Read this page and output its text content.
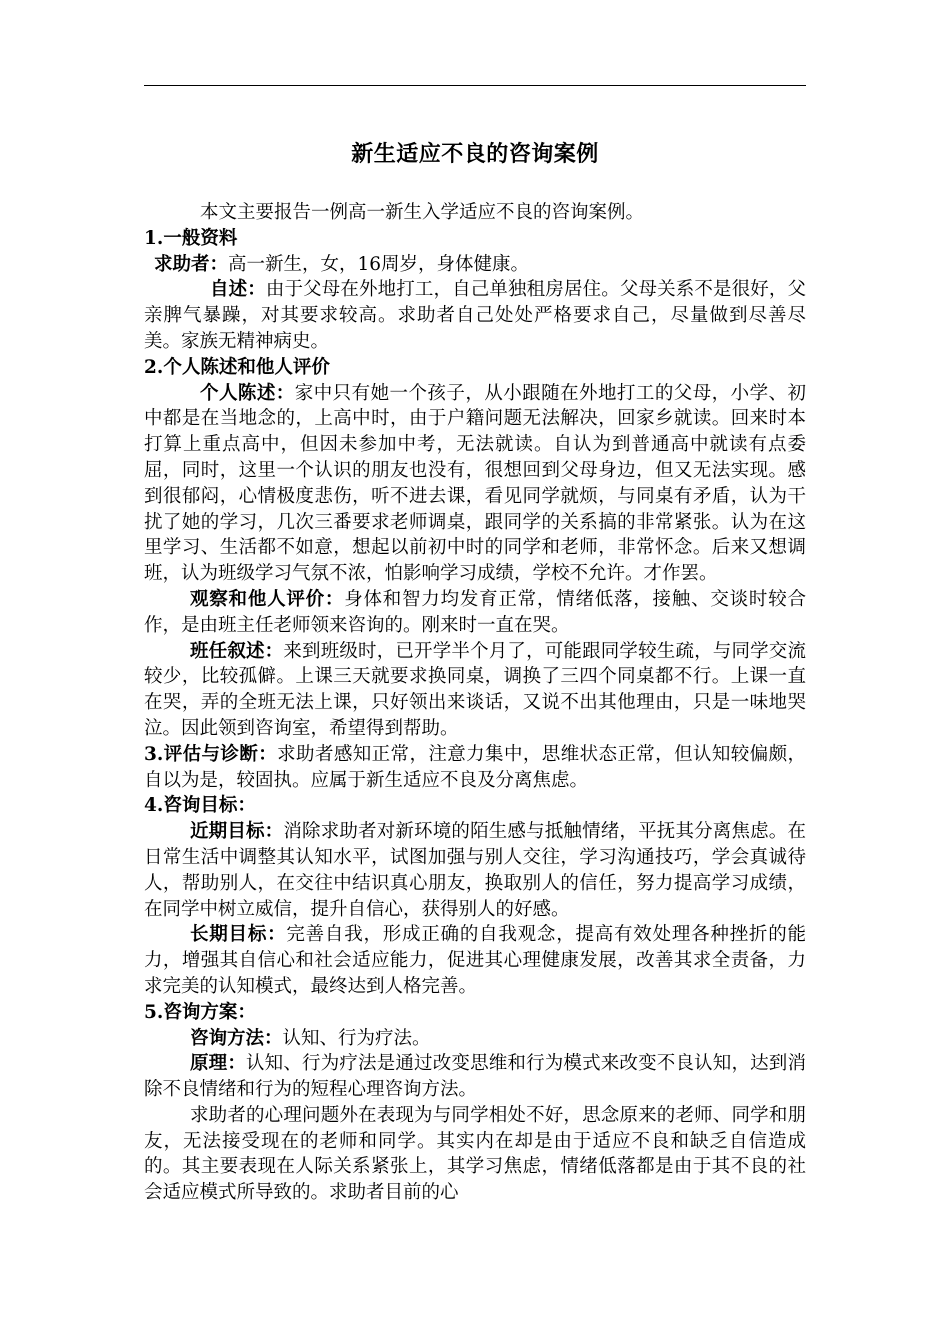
新生适应不良的咨询案例

本文主要报告一例高一新生入学适应不良的咨询案例。

1.一般资料

求助者：高一新生，女，16周岁，身体健康。

自述：由于父母在外地打工，自己单独租房居住。父母关系不是很好，父亲脾气暴躁，对其要求较高。求助者自己处处严格要求自己，尽量做到尽善尽美。家族无精神病史。

2.个人陈述和他人评价

个人陈述：家中只有她一个孩子，从小跟随在外地打工的父母，小学、初中都是在当地念的，上高中时，由于户籍问题无法解决，回家乡就读。回来时本打算上重点高中，但因未参加中考，无法就读。自认为到普通高中就读有点委屈，同时，这里一个认识的朋友也没有，很想回到父母身边，但又无法实现。感到很郁闷，心情极度悲伤，听不进去课，看见同学就烦，与同桌有矛盾，认为干扰了她的学习，几次三番要求老师调桌，跟同学的关系搞的非常紧张。认为在这里学习、生活都不如意，想起以前初中时的同学和老师，非常怀念。后来又想调班，认为班级学习气氛不浓，怕影响学习成绩，学校不允许。才作罢。

观察和他人评价：身体和智力均发育正常，情绪低落，接触、交谈时较合作，是由班主任老师领来咨询的。刚来时一直在哭。

班任叙述：来到班级时，已开学半个月了，可能跟同学较生疏，与同学交流较少，比较孤僻。上课三天就要求换同桌，调换了三四个同桌都不行。上课一直在哭，弄的全班无法上课，只好领出来谈话，又说不出其他理由，只是一味地哭泣。因此领到咨询室，希望得到帮助。

3.评估与诊断：求助者感知正常，注意力集中，思维状态正常，但认知较偏颇，自以为是，较固执。应属于新生适应不良及分离焦虑。

4.咨询目标：

近期目标：消除求助者对新环境的陌生感与抵触情绪，平抚其分离焦虑。在日常生活中调整其认知水平，试图加强与别人交往，学习沟通技巧，学会真诚待人，帮助别人，在交往中结识真心朋友，换取别人的信任，努力提高学习成绩，在同学中树立威信，提升自信心，获得别人的好感。

长期目标：完善自我，形成正确的自我观念，提高有效处理各种挫折的能力，增强其自信心和社会适应能力，促进其心理健康发展，改善其求全责备，力求完美的认知模式，最终达到人格完善。

5.咨询方案：

咨询方法：认知、行为疗法。

原理：认知、行为疗法是通过改变思维和行为模式来改变不良认知，达到消除不良情绪和行为的短程心理咨询方法。

求助者的心理问题外在表现为与同学相处不好，思念原来的老师、同学和朋友，无法接受现在的老师和同学。其实内在却是由于适应不良和缺乏自信造成的。其主要表现在人际关系紧张上，其学习焦虑，情绪低落都是由于其不良的社会适应模式所导致的。求助者目前的心
